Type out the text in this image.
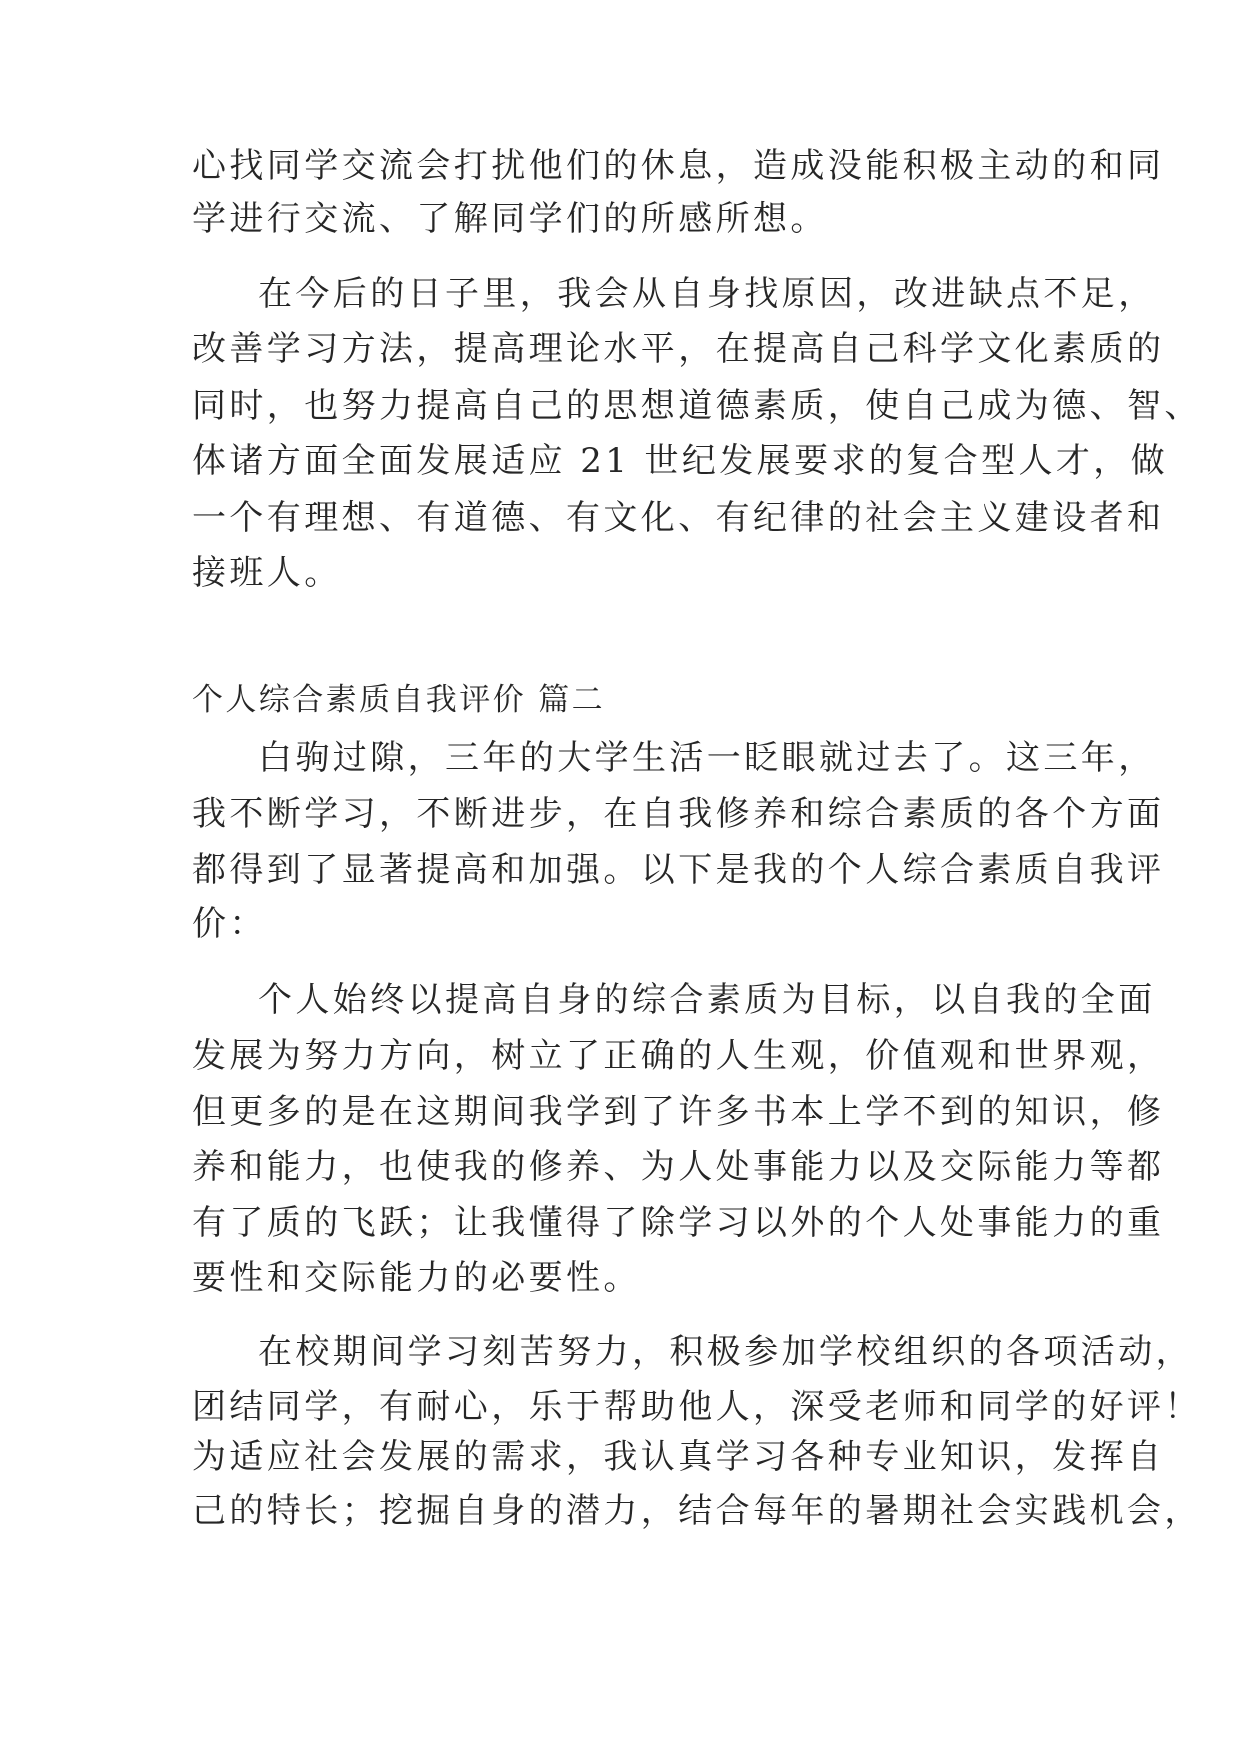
心找同学交流会打扰他们的休息，造成没能积极主动的和同
学进行交流、了解同学们的所感所想。
在今后的日子里，我会从自身找原因，改进缺点不足，
改善学习方法，提高理论水平，在提高自己科学文化素质的
同时，也努力提高自己的思想道德素质，使自己成为德、智、
体诸方面全面发展适应 21 世纪发展要求的复合型人才，做
一个有理想、有道德、有文化、有纪律的社会主义建设者和
接班人。
个人综合素质自我评价 篇二
白驹过隙，三年的大学生活一眨眼就过去了。这三年，
我不断学习，不断进步，在自我修养和综合素质的各个方面
都得到了显著提高和加强。以下是我的个人综合素质自我评
价：
个人始终以提高自身的综合素质为目标，以自我的全面
发展为努力方向，树立了正确的人生观，价值观和世界观，
但更多的是在这期间我学到了许多书本上学不到的知识，修
养和能力，也使我的修养、为人处事能力以及交际能力等都
有了质的飞跃；让我懂得了除学习以外的个人处事能力的重
要性和交际能力的必要性。
在校期间学习刻苦努力，积极参加学校组织的各项活动，
团结同学，有耐心，乐于帮助他人，深受老师和同学的好评！
为适应社会发展的需求，我认真学习各种专业知识，发挥自
己的特长；挖掘自身的潜力，结合每年的暑期社会实践机会，
